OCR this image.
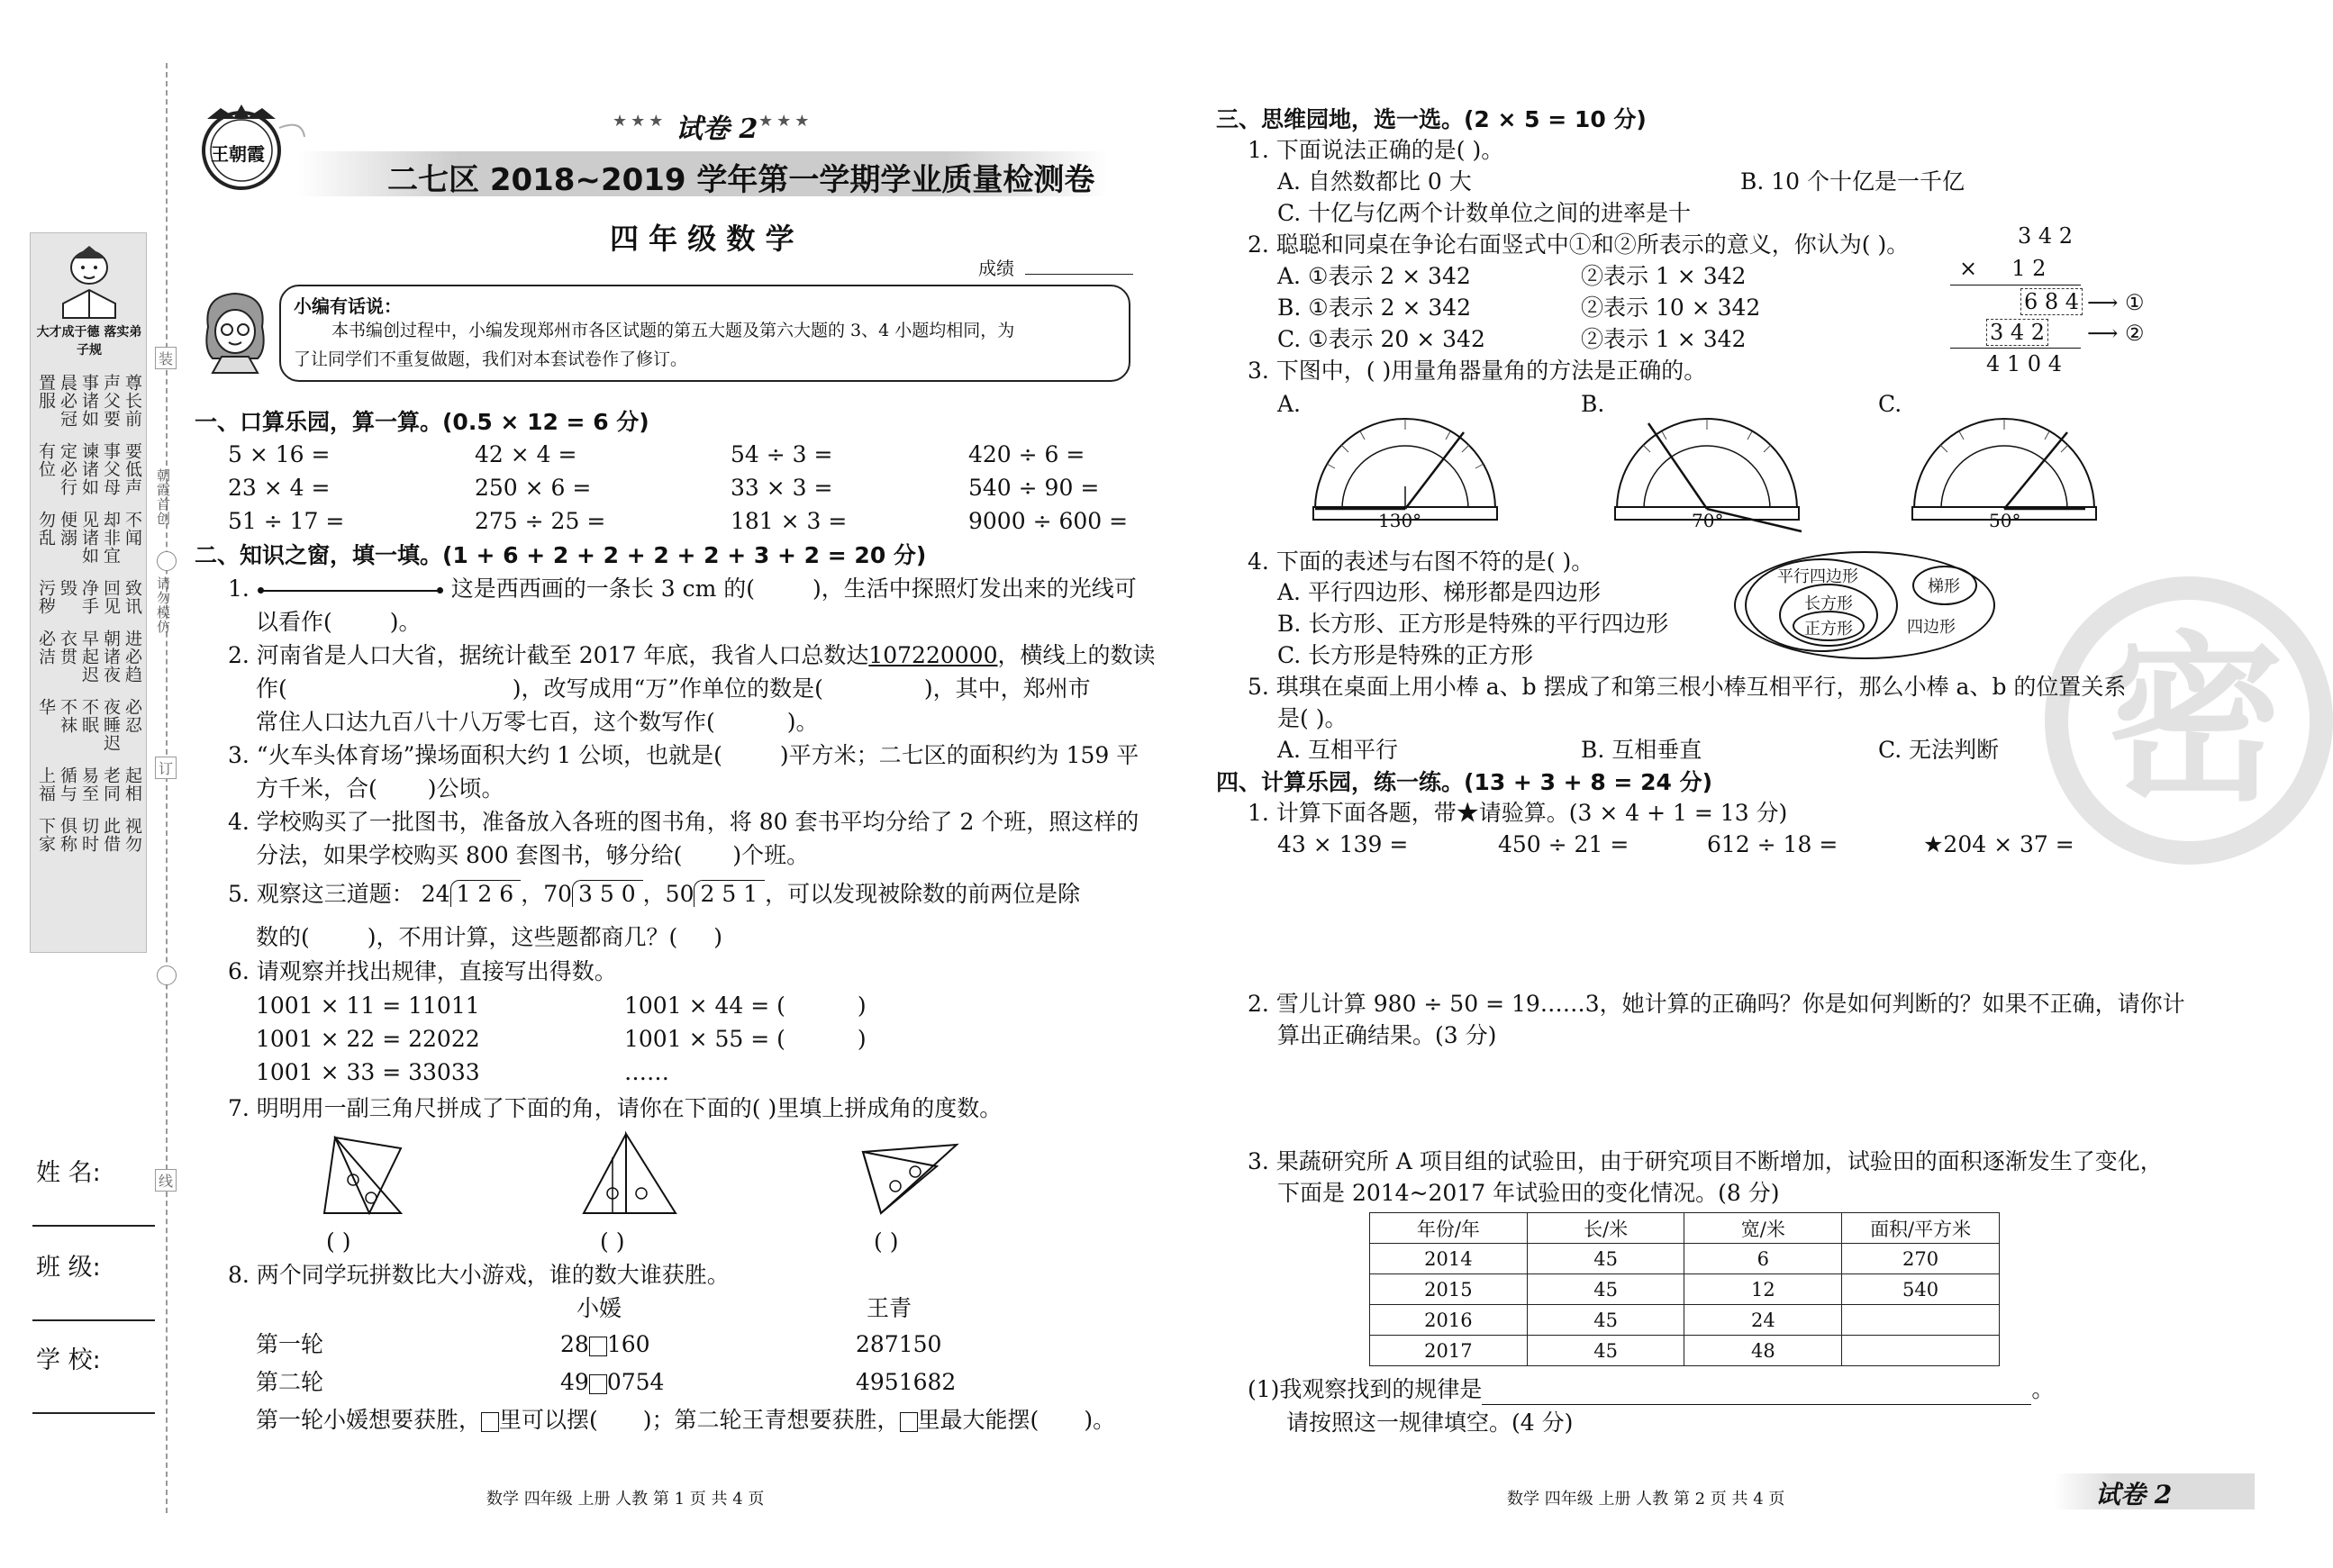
大才成于德 落实弟子规
置服 晨必冠 事诸如 声父要 尊长前
有位 定必行 谏诸如 事父母 要低声
勿乱 便溺 见诸如 却非宜 不闻
污秽 毁 净手 回见 致讯
必洁 衣贯 早起迟 朝诸夜 进必趋
华 不袜 不眠 夜睡迟 必忍
上福 循与 易至 老同 起相
下家 俱称 切时 此借 视勿
装
朝霞首创
请勿模仿
订
线
姓 名:
班 级:
学 校:
王朝霞
★★★ 试卷 2 ★★★
二七区 2018~2019 学年第一学期学业质量检测卷
四 年 级 数 学
成绩
小编有话说：
本书编创过程中，小编发现郑州市各区试题的第五大题及第六大题的 3、4 小题均相同，为
了让同学们不重复做题，我们对本套试卷作了修订。
一、口算乐园，算一算。(0.5 × 12 = 6 分)
5 × 16 =	42 × 4 =	54 ÷ 3 =	420 ÷ 6 =
23 × 4 =	250 × 6 =	33 × 3 =	540 ÷ 90 =
51 ÷ 17 =	275 ÷ 25 =	181 × 3 =	9000 ÷ 600 =
二、知识之窗，填一填。(1 + 6 + 2 + 2 + 2 + 2 + 3 + 2 = 20 分)
1.	这是西西画的一条长 3 cm 的(	)，生活中探照灯发出来的光线可
以看作(	)。
2. 河南省是人口大省，据统计截至 2017 年底，我省人口总数达107220000，横线上的数读
作(	)，改写成用“万”作单位的数是(	)，其中，郑州市
常住人口达九百八十八万零七百，这个数写作(	)。
3. “火车头体育场”操场面积大约 1 公顷，也就是(	)平方米；二七区的面积约为 159 平
方千米，合( )公顷。
4. 学校购买了一批图书，准备放入各班的图书角，将 80 套书平均分给了 2 个班，照这样的
分法，如果学校购买 800 套图书，够分给( )个班。
5. 观察这三道题： 24 1 2 6 ，70 3 5 0 ，50 2 5 1 ，可以发现被除数的前两位是除
数的(	)，不用计算，这些题都商几？( )
6. 请观察并找出规律，直接写出得数。
1001 × 11 = 11011	1001 × 44 = (	)
1001 × 22 = 22022	1001 × 55 = (	)
1001 × 33 = 33033	……
7. 明明用一副三角尺拼成了下面的角，请你在下面的( )里填上拼成角的度数。
( )	( )	( )
8. 两个同学玩拼数比大小游戏，谁的数大谁获胜。
小媛	王青
第一轮	28 160	287150
第二轮	49 0754	4951682
第一轮小媛想要获胜， 里可以摆( )；第二轮王青想要获胜， 里最大能摆( )。
数学 四年级 上册 人教 第 1 页 共 4 页
密
三、思维园地，选一选。(2 × 5 = 10 分)
1. 下面说法正确的是( )。
A. 自然数都比 0 大	B. 10 个十亿是一千亿
C. 十亿与亿两个计数单位之间的进率是十
2. 聪聪和同桌在争论右面竖式中①和②所表示的意义，你认为( )。
A. ①表示 2 × 342	②表示 1 × 342
B. ①表示 2 × 342	②表示 10 × 342
C. ①表示 20 × 342	②表示 1 × 342
3 4 2
×     1 2
6 8 4
3 4 2
4 1 0 4
⟶ ①
⟶ ②
3. 下图中，( )用量角器量角的方法是正确的。
A.	B.	C.
130°	70°	50°
4. 下面的表述与右图不符的是( )。
A. 平行四边形、梯形都是四边形
B. 长方形、正方形是特殊的平行四边形
C. 长方形是特殊的正方形
平行四边形
长方形
正方形
梯形
四边形
5. 琪琪在桌面上用小棒 a、b 摆成了和第三根小棒互相平行，那么小棒 a、b 的位置关系
是( )。
A. 互相平行	B. 互相垂直	C. 无法判断
四、计算乐园，练一练。(13 + 3 + 8 = 24 分)
1. 计算下面各题，带★请验算。(3 × 4 + 1 = 13 分)
43 × 139 =	450 ÷ 21 =	612 ÷ 18 =	★204 × 37 =
2. 雪儿计算 980 ÷ 50 = 19……3，她计算的正确吗？你是如何判断的？如果不正确，请你计
算出正确结果。(3 分)
3. 果蔬研究所 A 项目组的试验田，由于研究项目不断增加，试验田的面积逐渐发生了变化，
下面是 2014~2017 年试验田的变化情况。(8 分)
年份/年	长/米	宽/米	面积/平方米
2014	45	6	270
2015	45	12	540
2016	45	24	
2017	45	48	
(1)我观察找到的规律是	。
请按照这一规律填空。(4 分)
数学 四年级 上册 人教 第 2 页 共 4 页	试卷 2
